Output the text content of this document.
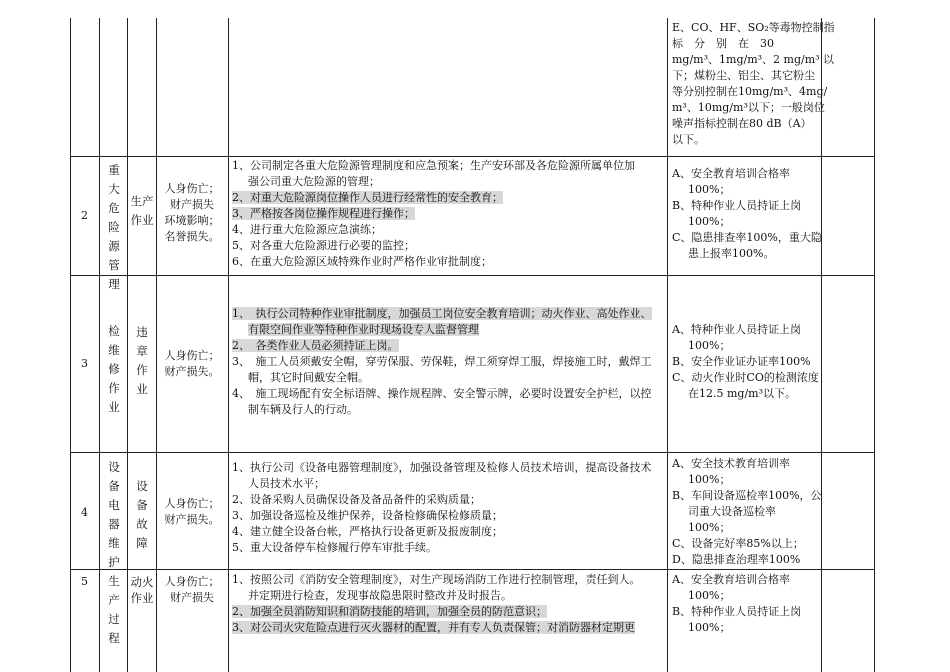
E、CO、HF、SO₂等毒物控制指
标　分　别　在　30
mg/m³、1mg/m³、2 mg/m³ 以
下；煤粉尘、铝尘、其它粉尘
等分别控制在10mg/m³、4mg/
m³、10mg/m³以下；一般岗位
噪声指标控制在80 dB（A）
以下。
2
重大危险源管理
生产作业
人身伤亡；
财产损失
环境影响；
名誉损失。
1、公司制定各重大危险源管理制度和应急预案；生产安环部及各危险源所属单位加
强公司重大危险源的管理；
2、对重大危险源岗位操作人员进行经常性的安全教育；
3、严格按各岗位操作规程进行操作；
4、进行重大危险源应急演练；
5、对各重大危险源进行必要的监控；
6、在重大危险源区域特殊作业时严格作业审批制度；
A、安全教育培训合格率
100%；
B、特种作业人员持证上岗
100%；
C、隐患排查率100%，重大隐
患上报率100%。
3
检维修作业
违章作业
人身伤亡；
财产损失。
1、　执行公司特种作业审批制度，加强员工岗位安全教育培训；动火作业、高处作业、
有限空间作业等特种作业时现场设专人监督管理
2、　各类作业人员必须持证上岗。
3、　施工人员须戴安全帽，穿劳保服、劳保鞋，焊工须穿焊工服，焊接施工时，戴焊工
帽，其它时间戴安全帽。
4、　施工现场配有安全标语牌、操作规程牌、安全警示牌，必要时设置安全护栏，以控
制车辆及行人的行动。
A、特种作业人员持证上岗
100%；
B、安全作业证办证率100%
C、动火作业时CO的检测浓度
在12.5 mg/m³以下。
4
设备电器维护
设备故障
人身伤亡；
财产损失。
1、执行公司《设备电器管理制度》，加强设备管理及检修人员技术培训，提高设备技术
人员技术水平；
2、设备采购人员确保设备及备品备件的采购质量；
3、加强设备巡检及维护保养，设备检修确保检修质量；
4、建立健全设备台帐，严格执行设备更新及报废制度；
5、重大设备停车检修履行停车审批手续。
A、安全技术教育培训率
100%；
B、车间设备巡检率100%，公
司重大设备巡检率
100%；
C、设备完好率85%以上；
D、隐患排查治理率100%
5	生产过程
动火作业
人身伤亡；
财产损失
1、按照公司《消防安全管理制度》，对生产现场消防工作进行控制管理，责任到人。
并定期进行检查，发现事故隐患限时整改并及时报告。
2、加强全员消防知识和消防技能的培训，加强全员的防范意识；
3、对公司火灾危险点进行灭火器材的配置，并有专人负责保管；对消防器材定期更
A、安全教育培训合格率
100%；
B、特种作业人员持证上岗
100%；
